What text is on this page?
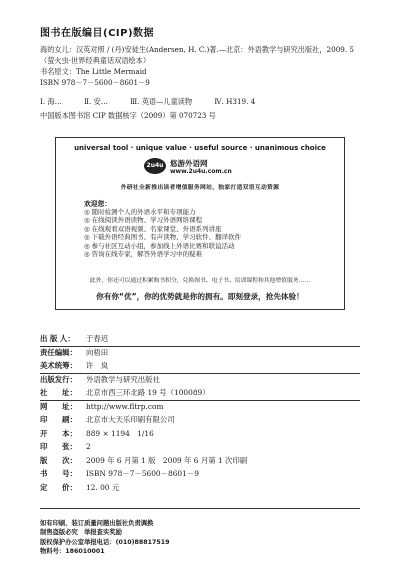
图书在版编目(CIP)数据
海的女儿：汉英对照 / (丹)安徒生(Andersen, H. C.)著.—北京：外语教学与研究出版社，2009. 5
（萤火虫·世界经典童话双语绘本）
书名原文：The Little Mermaid
ISBN 978－7－5600－8601－9
Ⅰ. 海…	Ⅱ. 安…	Ⅲ. 英语—儿童读物	Ⅳ. H319. 4
中国版本图书馆 CIP 数据核字（2009）第 070723 号
universal tool · unique value · useful source · unanimous choice
2u4u 悠游外语网
www.2u4u.com.cn
外研社全新推出读者增值服务网站，独家打造双语互动资源
欢迎您：
◎ 随时检测个人的外语水平和专项能力
◎ 在线阅读外语读物、学习外语网络课程
◎ 在线观看双语视频、名家课堂、外语系列讲座
◎ 下载外语经典图书、有声读物、学习软件、翻译软件
◎ 参与社区互动小组，参加线上外语比赛和联谊活动
◎ 咨询在线专家，解答外语学习中的疑难
此外，你还可以通过积累购书积分，兑换图书、电子书、培训课程和其他增值服务……
你有你“优”，你的优势就是你的拥有。即刻登录，抢先体验！
出 版 人： 于春迟
责任编辑： 向梧田
美术统筹： 许　岚
出版发行： 外语教学与研究出版社
社　　址： 北京市西三环北路 19 号（100089）
网　　址： http://www.fltrp.com
印　　刷： 北京市大天乐印刷有限公司
开　　本： 889 × 1194　1/16
印　　张： 2
版　　次： 2009 年 6 月第 1 版　2009 年 6 月第 1 次印刷
书　　号： ISBN 978－7－5600－8601－9
定　　价： 12. 00 元
如有印刷、装订质量问题出版社负责调换
制售盗版必究　举报查实奖励
版权保护办公室举报电话：(010)88817519
物料号：186010001
